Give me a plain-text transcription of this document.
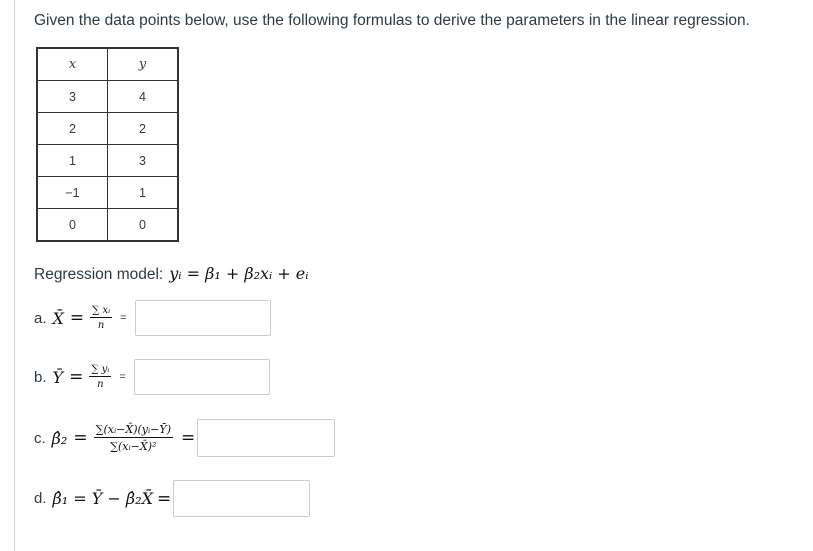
Given the data points below, use the following formulas to derive the parameters in the linear regression.
x	y
3	4
2	2
1	3
−1	1
0	0
Regression model: yᵢ = β₁ + β₂xᵢ + eᵢ
a. X̄ = $\frac{\text{∑ xᵢ}}{n}$ =
b. Ȳ = $\frac{\text{∑ yᵢ}}{n}$ =
c. β̂₂ = $\frac{\text{∑(xᵢ−X̄)(yᵢ−Ȳ)}}{\text{∑(xᵢ−X̄)²}}$ =
d. β̂₁ = Ȳ − β̂₂X̄ =
